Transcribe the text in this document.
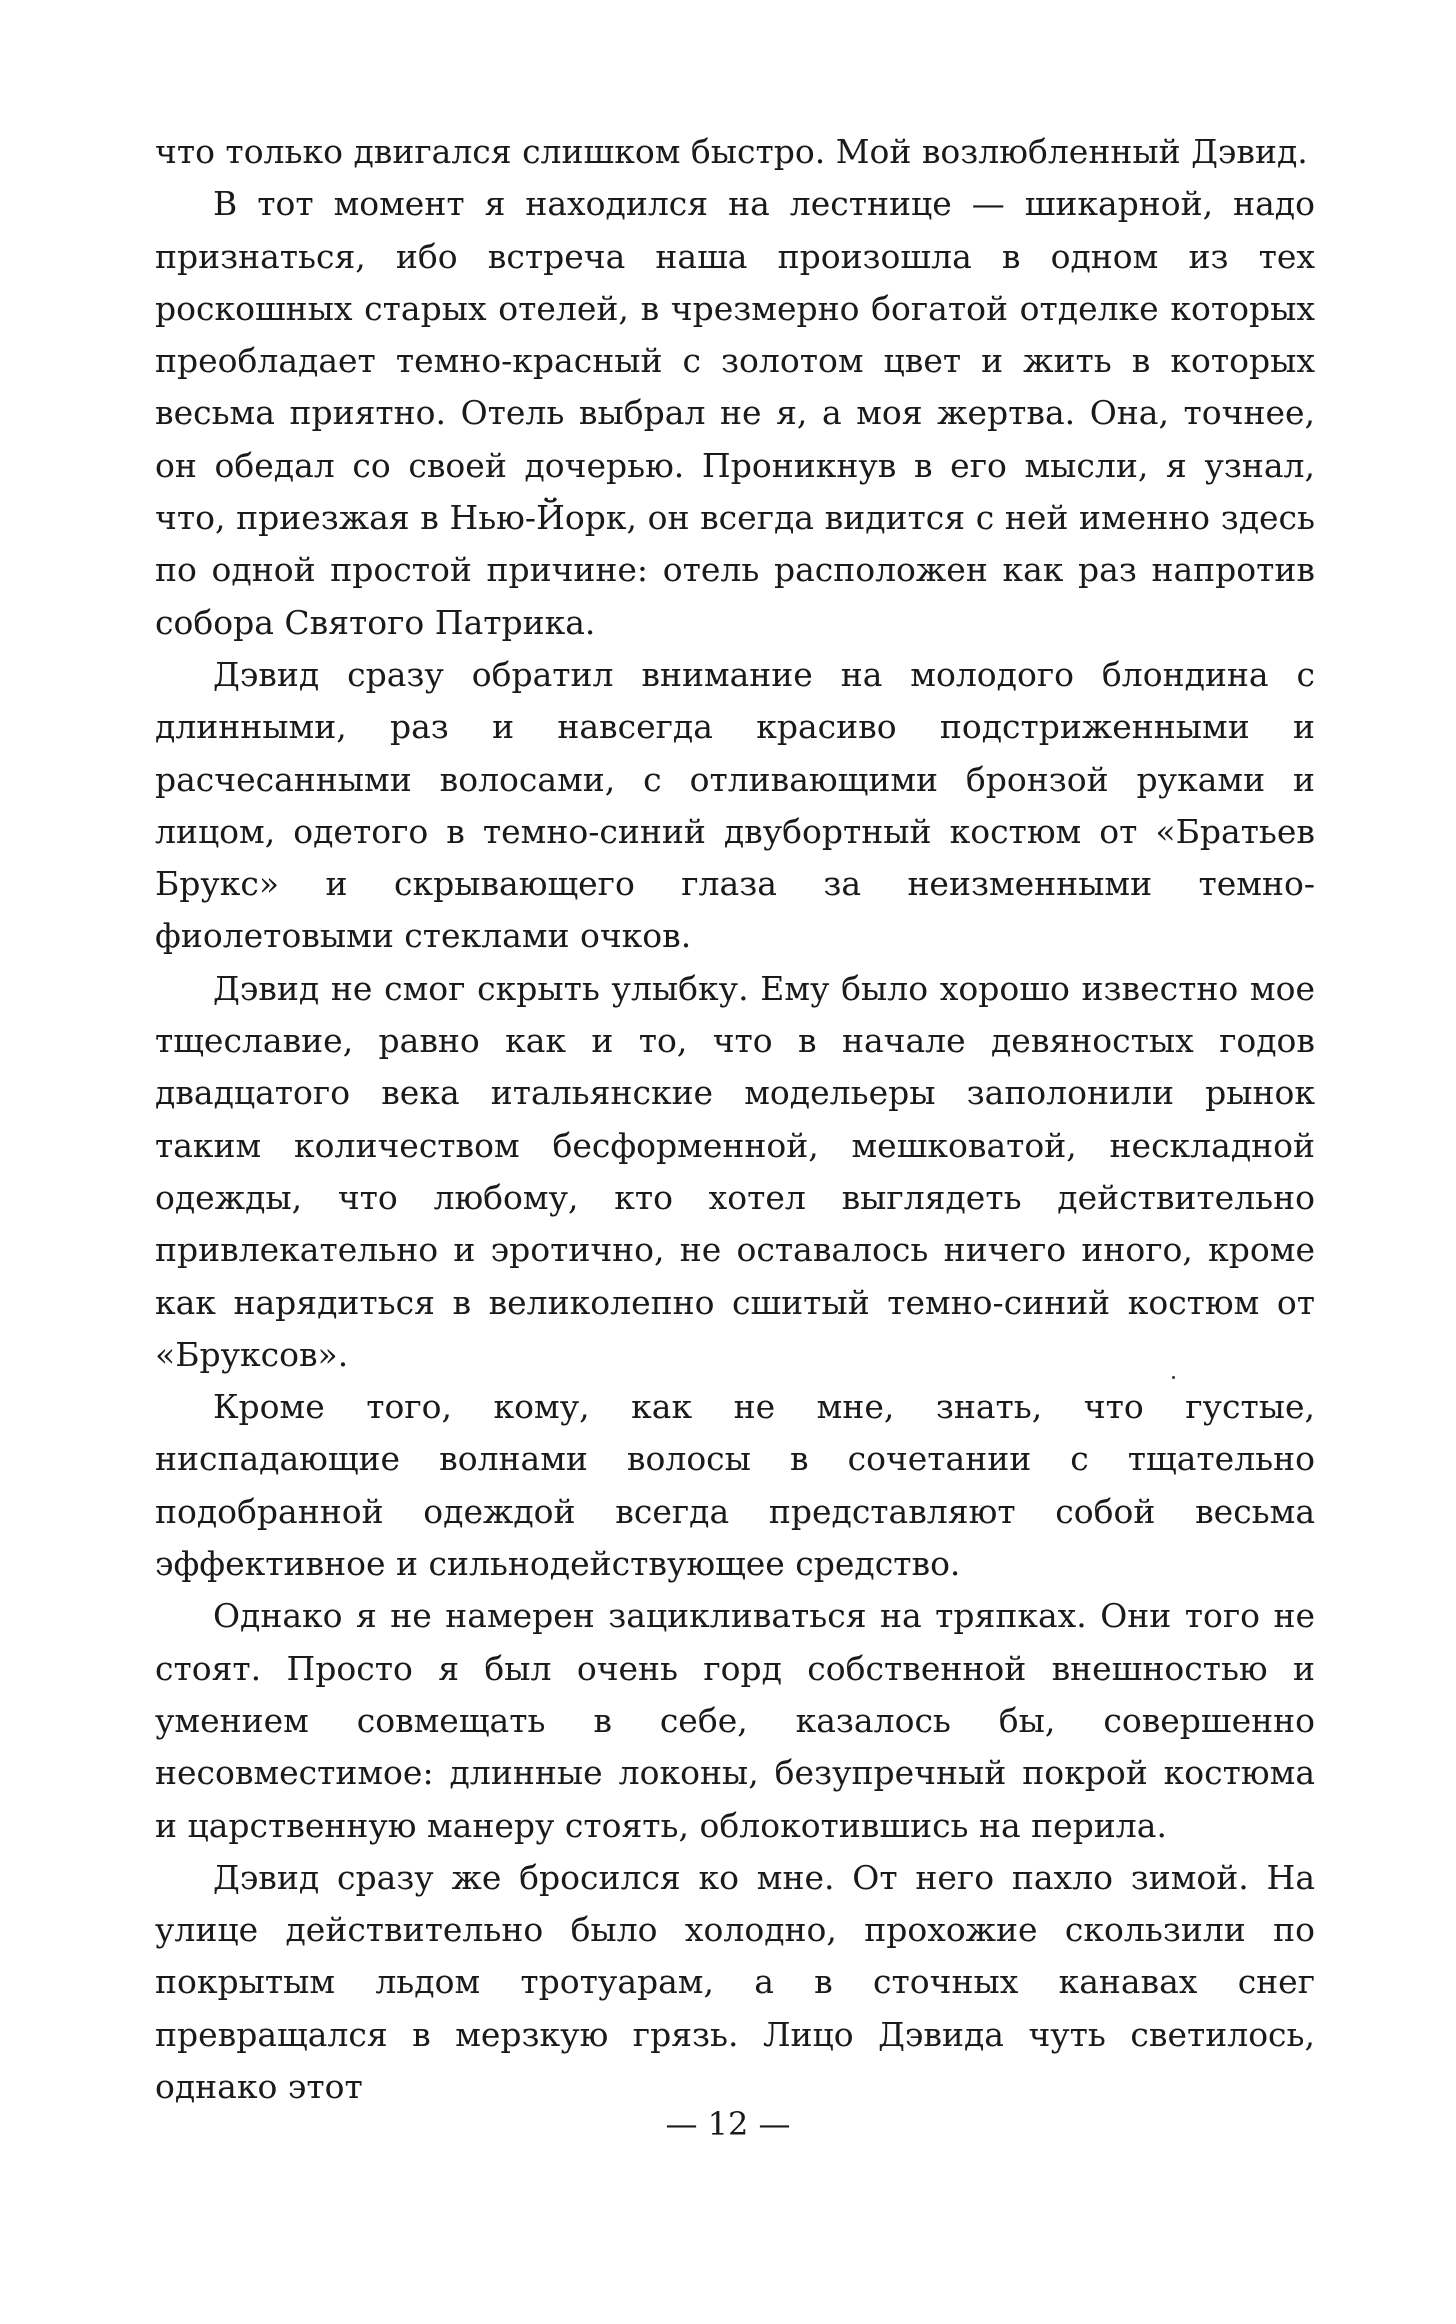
что только двигался слишком быстро. Мой возлюбленный Дэвид.

В тот момент я находился на лестнице — шикарной, надо признаться, ибо встреча наша произошла в одном из тех роскошных старых отелей, в чрезмерно богатой отделке которых преобладает темно-красный с золотом цвет и жить в которых весьма приятно. Отель выбрал не я, а моя жертва. Она, точнее, он обедал со своей дочерью. Проникнув в его мысли, я узнал, что, приезжая в Нью-Йорк, он всегда видится с ней именно здесь по одной простой причине: отель расположен как раз напротив собора Святого Патрика.

Дэвид сразу обратил внимание на молодого блондина с длинными, раз и навсегда красиво подстриженными и расчесанными волосами, с отливающими бронзой руками и лицом, одетого в темно-синий двубортный костюм от «Братьев Брукс» и скрывающего глаза за неизменными темно-фиолетовыми стеклами очков.

Дэвид не смог скрыть улыбку. Ему было хорошо известно мое тщеславие, равно как и то, что в начале девяностых годов двадцатого века итальянские модельеры заполонили рынок таким количеством бесформенной, мешковатой, нескладной одежды, что любому, кто хотел выглядеть действительно привлекательно и эротично, не оставалось ничего иного, кроме как нарядиться в великолепно сшитый темно-синий костюм от «Бруксов».

Кроме того, кому, как не мне, знать, что густые, ниспадающие волнами волосы в сочетании с тщательно подобранной одеждой всегда представляют собой весьма эффективное и сильнодействующее средство.

Однако я не намерен зацикливаться на тряпках. Они того не стоят. Просто я был очень горд собственной внешностью и умением совмещать в себе, казалось бы, совершенно несовместимое: длинные локоны, безупречный покрой костюма и царственную манеру стоять, облокотившись на перила.

Дэвид сразу же бросился ко мне. От него пахло зимой. На улице действительно было холодно, прохожие скользили по покрытым льдом тротуарам, а в сточных канавах снег превращался в мерзкую грязь. Лицо Дэвида чуть светилось, однако этот

— 12 —
